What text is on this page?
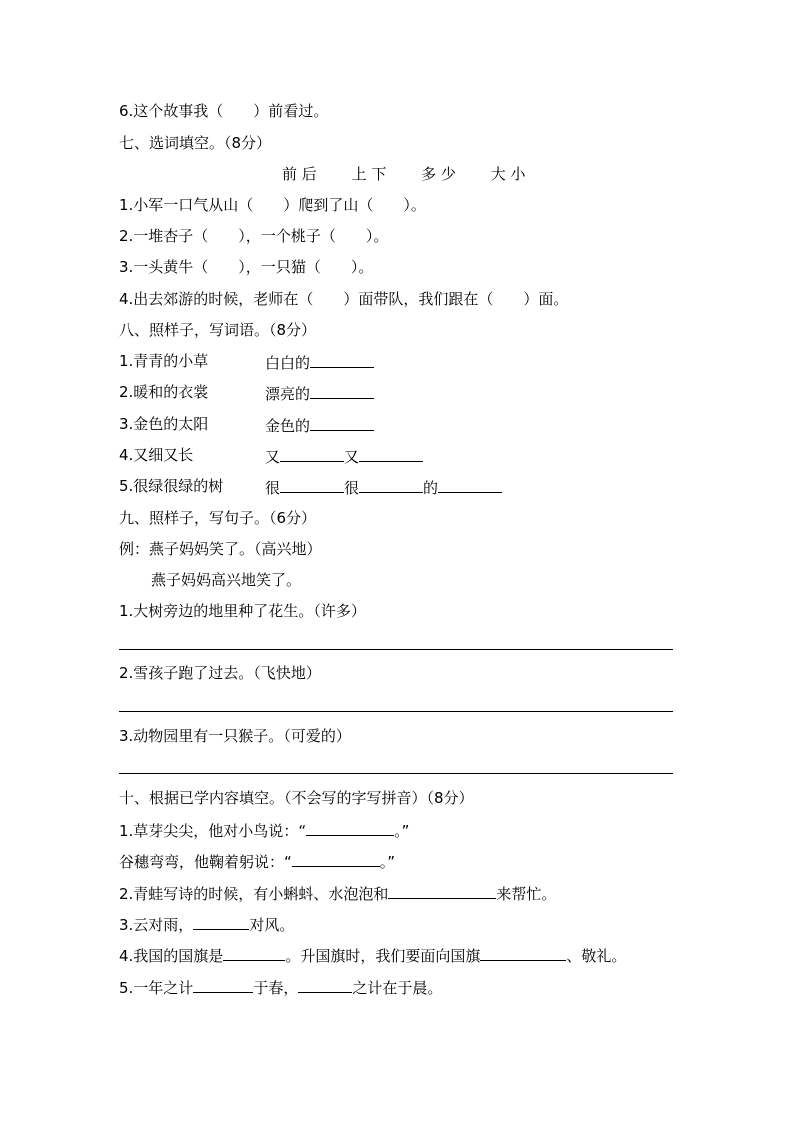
6.这个故事我（　　）前看过。
七、选词填空。（8分）
前 后 上 下 多 少 大 小
1.小军一口气从山（　　）爬到了山（　　）。
2.一堆杏子（　　），一个桃子（　　）。
3.一头黄牛（　　），一只猫（　　）。
4.出去郊游的时候，老师在（　　）面带队，我们跟在（　　）面。
八、照样子，写词语。（8分）
1.青青的小草	白白的
2.暖和的衣裳	漂亮的
3.金色的太阳	金色的
4.又细又长	又	又
5.很绿很绿的树	很	很	的
九、照样子，写句子。（6分）
例：燕子妈妈笑了。（高兴地）
燕子妈妈高兴地笑了。
1.大树旁边的地里种了花生。（许多）
2.雪孩子跑了过去。（飞快地）
3.动物园里有一只猴子。（可爱的）
十、根据已学内容填空。（不会写的字写拼音）（8分）
1.草芽尖尖，他对小鸟说：“	。”
谷穗弯弯，他鞠着躬说：“	。”
2.青蛙写诗的时候，有小蝌蚪、水泡泡和	来帮忙。
3.云对雨，	对风。
4.我国的国旗是	。升国旗时，我们要面向国旗	、敬礼。
5.一年之计	于春，	之计在于晨。
